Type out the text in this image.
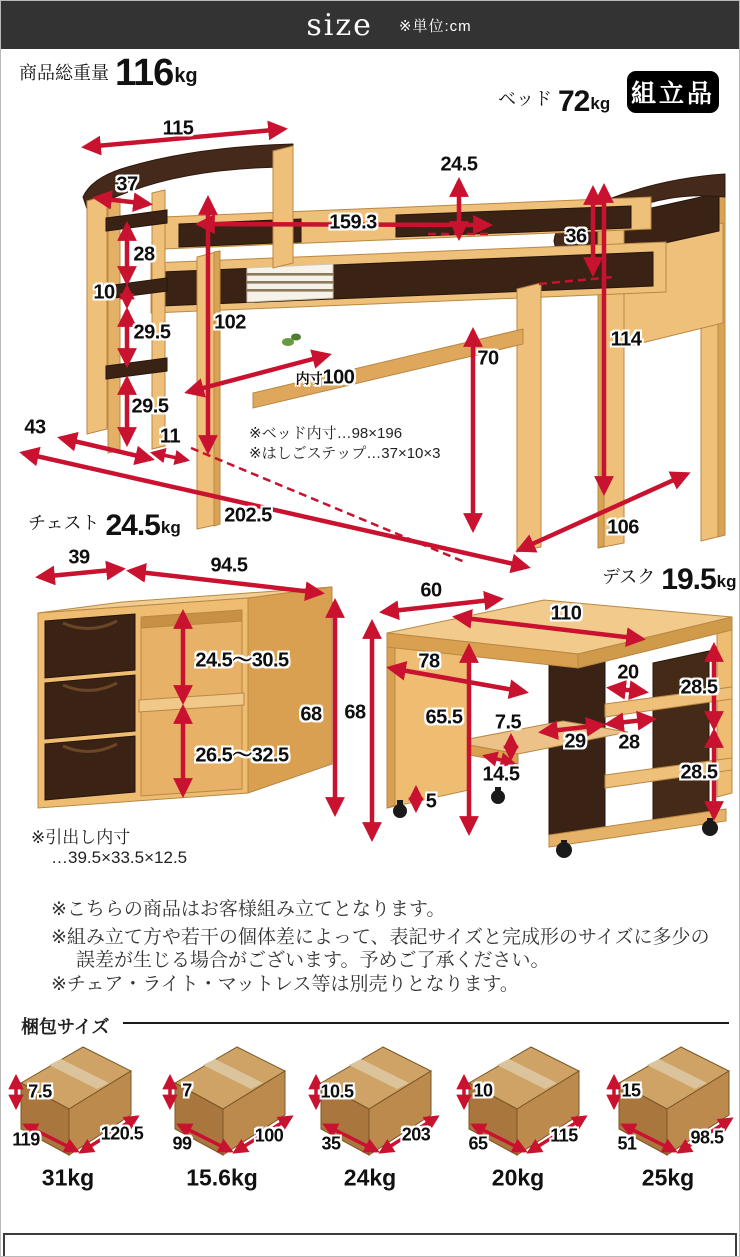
size ※単位:cm
商品総重量 116 kg
組立品
ベッド 72 kg
チェスト 24.5 kg
デスク 19.5 kg
115
37
28
10
29.5 102
159.3
24.5
36
114
70
29.5
43	11
内寸100
202.5
106
※ベッド内寸…98×196
※はしごステップ…37×10×3
39	94.5
24.5〜30.5
26.5〜32.5
68
※引出し内寸
…39.5×33.5×12.5
60
110
78
65.5 7.5
20
28.5
29 28
28.5
14.5
5
68
※こちらの商品はお客様組み立てとなります。
※組み立て方や若干の個体差によって、表記サイズと完成形のサイズに多少の
誤差が生じる場合がございます。予めご了承ください。
※チェア・ライト・マットレス等は別売りとなります。
梱包サイズ
7.5
119	120.5
31kg
7
99	100
15.6kg
10.5
35	203
24kg
10
65	115
20kg
15
51	98.5
25kg
